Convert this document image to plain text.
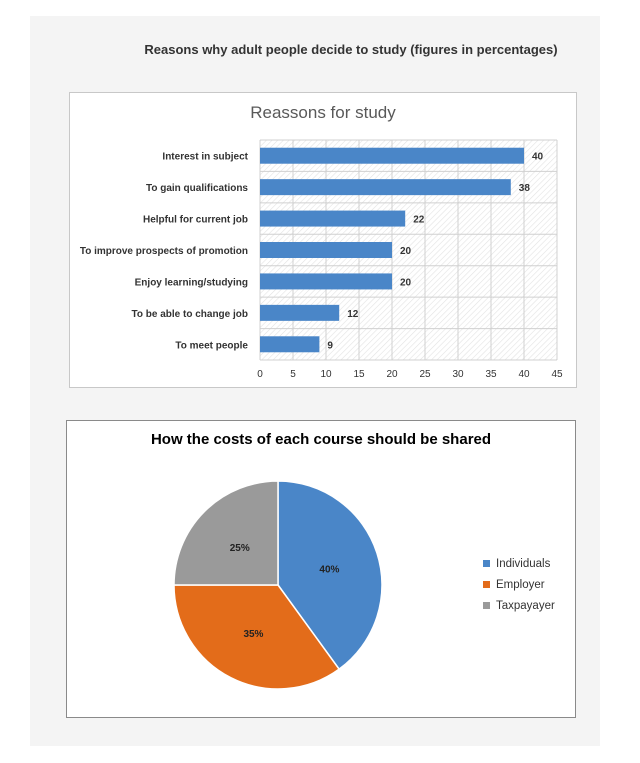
Reasons why adult people decide to study (figures in percentages)
Reassons for study
Interest in subject	40
To gain qualifications	38
Helpful for current job	22
To improve prospects of promotion	20
Enjoy learning/studying	20
To be able to change job	12
To meet people	9
0	5 10 15 20 25 30 35 40 45
How the costs of each course should be shared
40%
35%
25%
Individuals
Employer
Taxpayayer
